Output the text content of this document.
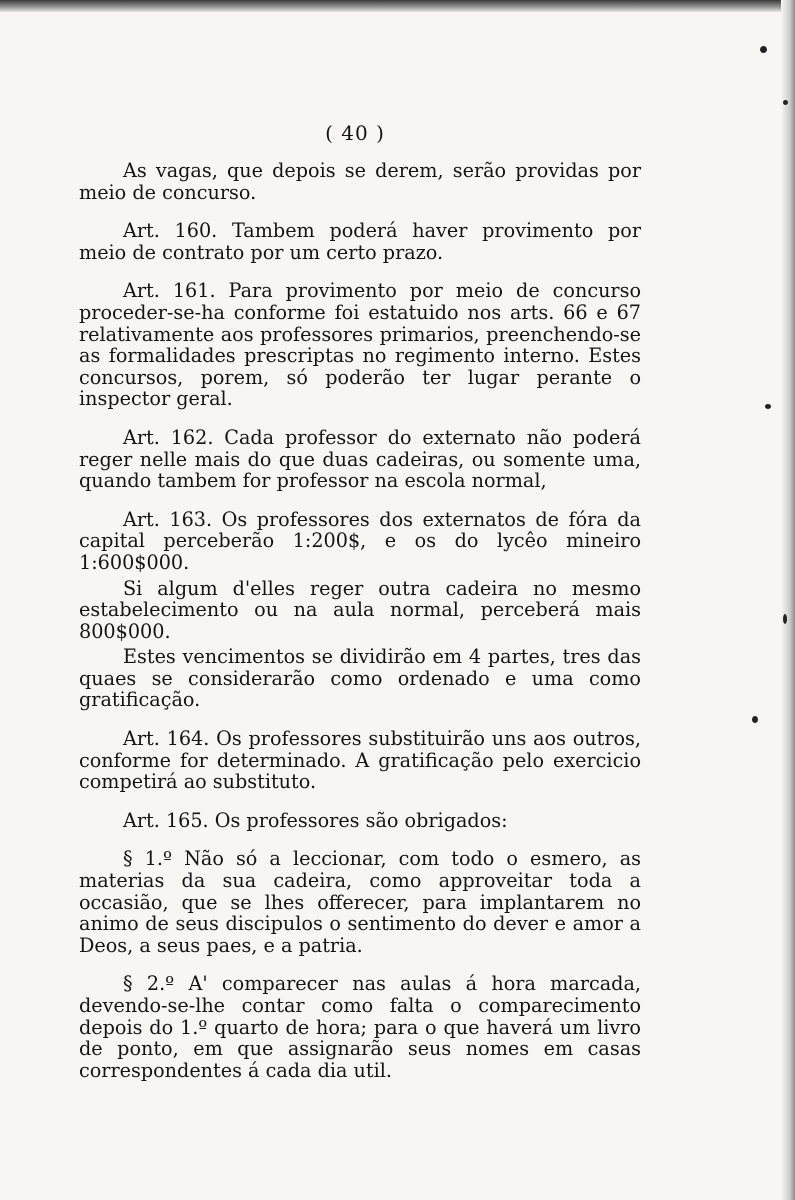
( 40 )

As vagas, que depois se derem, serão providas por meio de concurso.

Art. 160. Tambem poderá haver provimento por meio de contrato por um certo prazo.

Art. 161. Para provimento por meio de concurso proceder-se-ha conforme foi estatuido nos arts. 66 e 67 relativamente aos professores primarios, preenchendo-se as formalidades prescriptas no regimento interno. Estes concursos, porem, só poderão ter lugar perante o inspector geral.

Art. 162. Cada professor do externato não poderá reger nelle mais do que duas cadeiras, ou somente uma, quando tambem for professor na escola normal,

Art. 163. Os professores dos externatos de fóra da capital perceberão 1:200$, e os do lycêo mineiro 1:600$000.

Si algum d'elles reger outra cadeira no mesmo estabelecimento ou na aula normal, perceberá mais 800$000.

Estes vencimentos se dividirão em 4 partes, tres das quaes se considerarão como ordenado e uma como gratificação.

Art. 164. Os professores substituirão uns aos outros, conforme for determinado. A gratificação pelo exercicio competirá ao substituto.

Art. 165. Os professores são obrigados:

§ 1.º Não só a leccionar, com todo o esmero, as materias da sua cadeira, como approveitar toda a occasião, que se lhes offerecer, para implantarem no animo de seus discipulos o sentimento do dever e amor a Deos, a seus paes, e a patria.

§ 2.º A' comparecer nas aulas á hora marcada, devendo-se-lhe contar como falta o comparecimento depois do 1.º quarto de hora; para o que haverá um livro de ponto, em que assignarão seus nomes em casas correspondentes á cada dia util.
